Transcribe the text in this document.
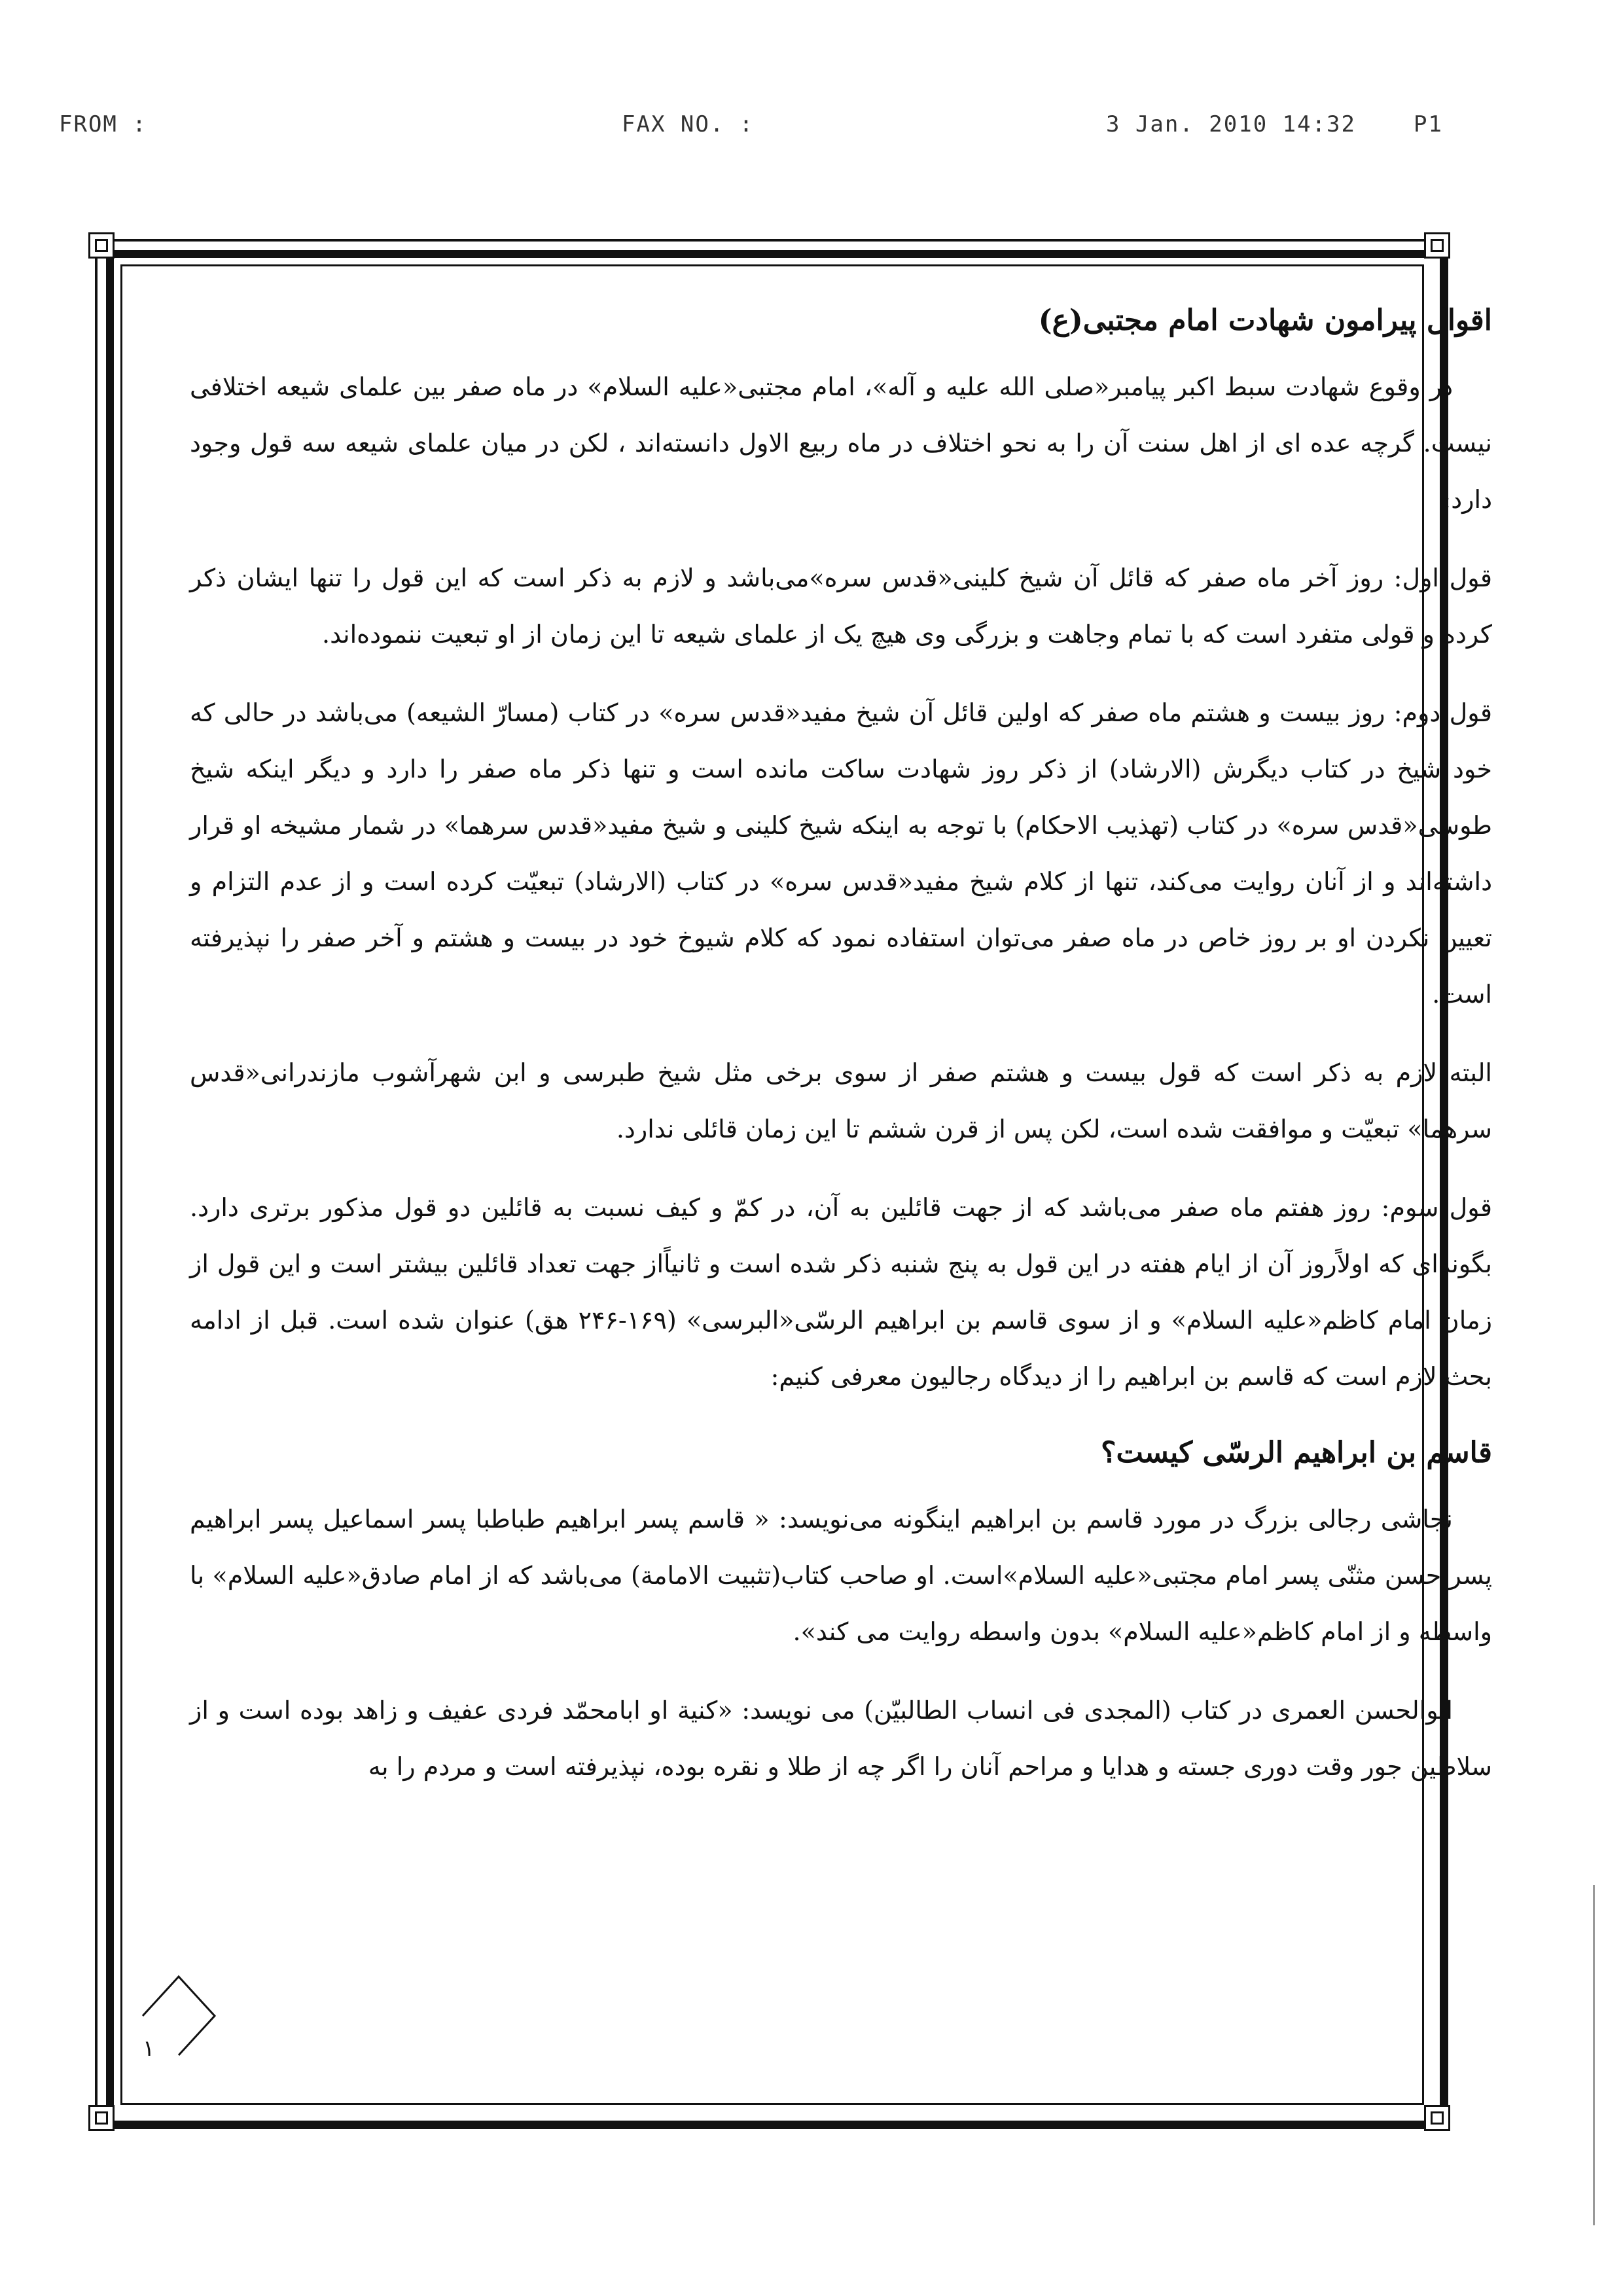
FROM :	FAX NO. :	3 Jan. 2010 14:32	P1
اقوال پیرامون شهادت امام مجتبی(ع)

در وقوع شهادت سبط اکبر پیامبر«صلی الله علیه و آله»، امام مجتبی«علیه السلام» در ماه صفر بین علمای شیعه اختلافی نیست. گرچه عده ای از اهل سنت آن را به نحو اختلاف در ماه ربیع الاول دانسته‌اند ، لکن در میان علمای شیعه سه قول وجود دارد:

قول اول: روز آخر ماه صفر که قائل آن شیخ کلینی«قدس سره»می‌باشد و لازم به ذکر است که این قول را تنها ایشان ذکر کرده و قولی متفرد است که با تمام وجاهت و بزرگی وی هیچ یک از علمای شیعه تا این زمان از او تبعیت ننموده‌اند.

قول دوم: روز بیست و هشتم ماه صفر که اولین قائل آن شیخ مفید«قدس سره» در کتاب (مسارّ الشیعه) می‌باشد در حالی که خود شیخ در کتاب دیگرش (الارشاد) از ذکر روز شهادت ساکت مانده است و تنها ذکر ماه صفر را دارد و دیگر اینکه شیخ طوسی«قدس سره» در کتاب (تهذیب الاحکام) با توجه به اینکه شیخ کلینی و شیخ مفید«قدس سرهما» در شمار مشیخه او قرار داشته‌اند و از آنان روایت می‌کند، تنها از کلام شیخ مفید«قدس سره» در کتاب (الارشاد) تبعیّت کرده است و از عدم التزام و تعیین نکردن او بر روز خاص در ماه صفر می‌توان استفاده نمود که کلام شیوخ خود در بیست و هشتم و آخر صفر را نپذیرفته است.

البته لازم به ذکر است که قول بیست و هشتم صفر از سوی برخی مثل شیخ طبرسی و ابن شهرآشوب مازندرانی«قدس سرهما» تبعیّت و موافقت شده است، لکن پس از قرن ششم تا این زمان قائلی ندارد.

قول سوم: روز هفتم ماه صفر می‌باشد که از جهت قائلین به آن، در کمّ و کیف نسبت به قائلین دو قول مذکور برتری دارد. بگونه‌ای که اولاًروز آن از ایام هفته در این قول به پنج شنبه ذکر شده است و ثانیاًاز جهت تعداد قائلین بیشتر است و این قول از زمان امام کاظم«علیه السلام» و از سوی قاسم بن ابراهیم الرسّی«البرسی» (۱۶۹-۲۴۶ هق) عنوان شده است. قبل از ادامه بحث لازم است که قاسم بن ابراهیم را از دیدگاه رجالیون معرفی کنیم:

قاسم بن ابراهیم الرسّی کیست؟

نجاشی رجالی بزرگ در مورد قاسم بن ابراهیم اینگونه می‌نویسد: « قاسم پسر ابراهیم طباطبا پسر اسماعیل پسر ابراهیم پسر حسن مثنّی پسر امام مجتبی«علیه السلام»است. او صاحب کتاب(تثبیت الامامة) می‌باشد که از امام صادق«علیه السلام» با واسطه و از امام کاظم«علیه السلام» بدون واسطه روایت می کند».

ابوالحسن العمری در کتاب (المجدی فی انساب الطالبیّن) می نویسد: «کنیة او ابامحمّد فردی عفیف و زاهد بوده است و از سلاطین جور وقت دوری جسته و هدایا و مراحم آنان را اگر چه از طلا و نقره بوده، نپذیرفته است و مردم را به

١
